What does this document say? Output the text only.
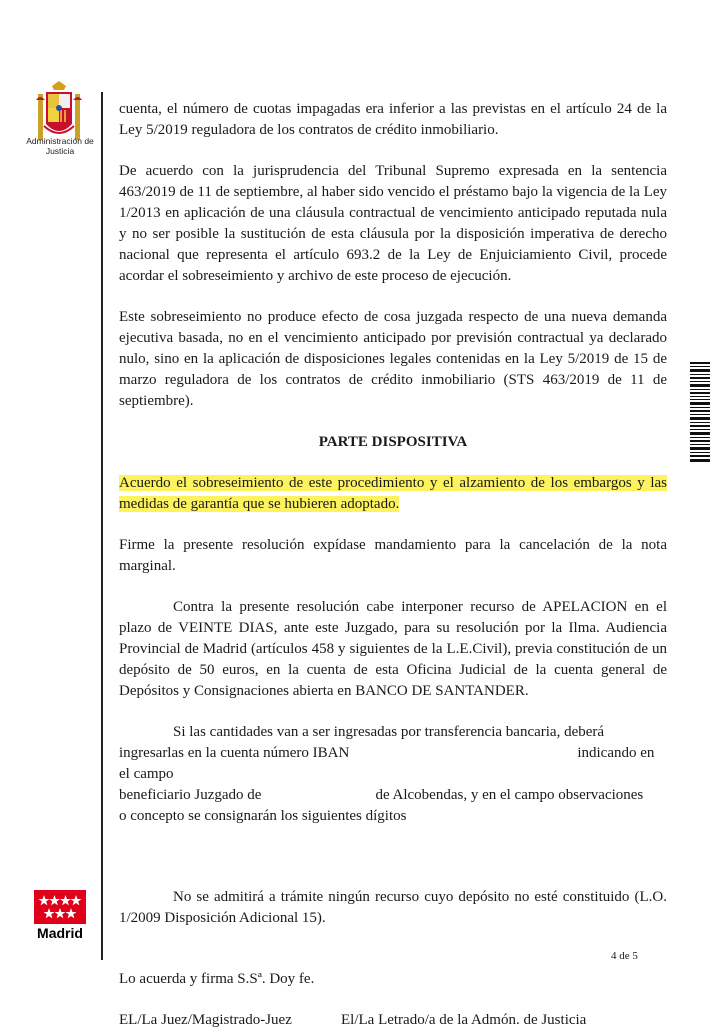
Administración de Justicia
Madrid

cuenta, el número de cuotas impagadas era inferior a las previstas en el artículo 24 de la Ley 5/2019 reguladora de los contratos de crédito inmobiliario.

De acuerdo con la jurisprudencia del Tribunal Supremo expresada en la sentencia 463/2019 de 11 de septiembre, al haber sido vencido el préstamo bajo la vigencia de la Ley 1/2013 en aplicación de una cláusula contractual de vencimiento anticipado reputada nula y no ser posible la sustitución de esta cláusula por la disposición imperativa de derecho nacional que representa el artículo 693.2 de la Ley de Enjuiciamiento Civil, procede acordar el sobreseimiento y archivo de este proceso de ejecución.

Este sobreseimiento no produce efecto de cosa juzgada respecto de una nueva demanda ejecutiva basada, no en el vencimiento anticipado por previsión contractual ya declarado nulo, sino en la aplicación de disposiciones legales contenidas en la Ley 5/2019 de 15 de marzo reguladora de los contratos de crédito inmobiliario (STS 463/2019 de 11 de septiembre).

PARTE DISPOSITIVA

Acuerdo el sobreseimiento de este procedimiento y el alzamiento de los embargos y las medidas de garantía que se hubieren adoptado.

Firme la presente resolución expídase mandamiento para la cancelación de la nota marginal.

Contra la presente resolución cabe interponer recurso de APELACION en el plazo de VEINTE DIAS, ante este Juzgado, para su resolución por la Ilma. Audiencia Provincial de Madrid (artículos 458 y siguientes de la L.E.Civil), previa constitución de un depósito de 50 euros, en la cuenta de esta Oficina Judicial de la cuenta general de Depósitos y Consignaciones abierta en BANCO DE SANTANDER.

Si las cantidades van a ser ingresadas por transferencia bancaria, deberá ingresarlas en la cuenta número IBAN	indicando en el campo
beneficiario Juzgado de	de Alcobendas, y en el campo observaciones
o concepto se consignarán los siguientes dígitos

No se admitirá a trámite ningún recurso cuyo depósito no esté constituido (L.O. 1/2009 Disposición Adicional 15).

Lo acuerda y firma S.Sª. Doy fe.

EL/La Juez/Magistrado-Juez	El/La Letrado/a de la Admón. de Justicia
4 de 5
